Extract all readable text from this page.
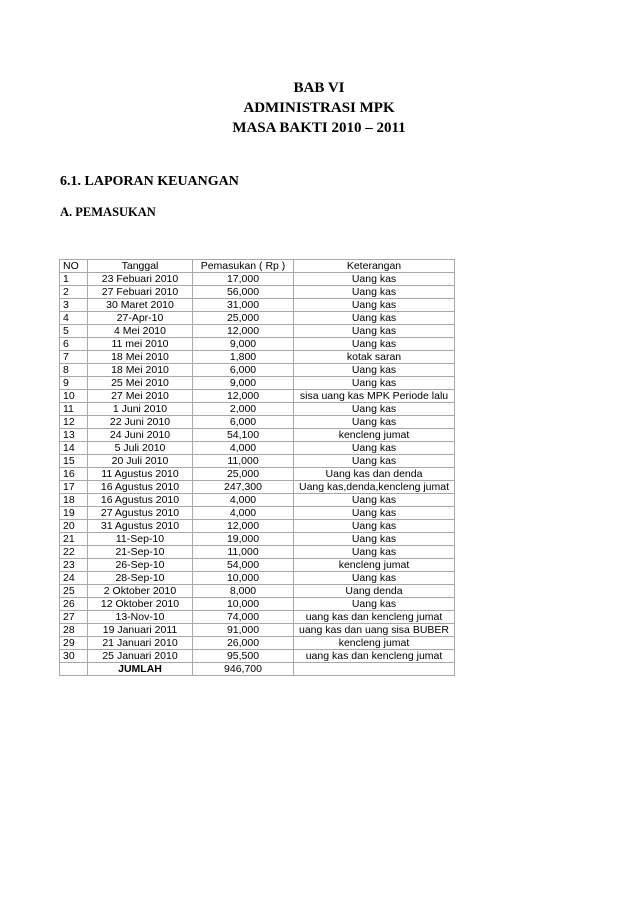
BAB VI
ADMINISTRASI MPK
MASA BAKTI 2010 – 2011
6.1. LAPORAN KEUANGAN
A. PEMASUKAN
NO	Tanggal	Pemasukan ( Rp )	Keterangan
1	23 Febuari 2010	17,000	Uang kas
2	27 Febuari 2010	56,000	Uang kas
3	30 Maret 2010	31,000	Uang kas
4	27-Apr-10	25,000	Uang kas
5	4 Mei 2010	12,000	Uang kas
6	11 mei 2010	9,000	Uang kas
7	18 Mei 2010	1,800	kotak saran
8	18 Mei 2010	6,000	Uang kas
9	25 Mei 2010	9,000	Uang kas
10	27 Mei 2010	12,000	sisa uang kas MPK Periode lalu
11	1 Juni 2010	2,000	Uang kas
12	22 Juni 2010	6,000	Uang kas
13	24 Juni 2010	54,100	kencleng jumat
14	5 Juli 2010	4,000	Uang kas
15	20 Juli 2010	11,000	Uang kas
16	11 Agustus 2010	25,000	Uang kas dan denda
17	16 Agustus 2010	247,300	Uang kas,denda,kencleng jumat
18	16 Agustus 2010	4,000	Uang kas
19	27 Agustus 2010	4,000	Uang kas
20	31 Agustus 2010	12,000	Uang kas
21	11-Sep-10	19,000	Uang kas
22	21-Sep-10	11,000	Uang kas
23	26-Sep-10	54,000	kencleng jumat
24	28-Sep-10	10,000	Uang kas
25	2 Oktober 2010	8,000	Uang denda
26	12 Oktober 2010	10,000	Uang kas
27	13-Nov-10	74,000	uang kas dan kencleng jumat
28	19 Januari 2011	91,000	uang kas dan uang sisa BUBER
29	21 Januari 2010	26,000	kencleng jumat
30	25 Januari 2010	95,500	uang kas dan kencleng jumat
	JUMLAH	946,700	
